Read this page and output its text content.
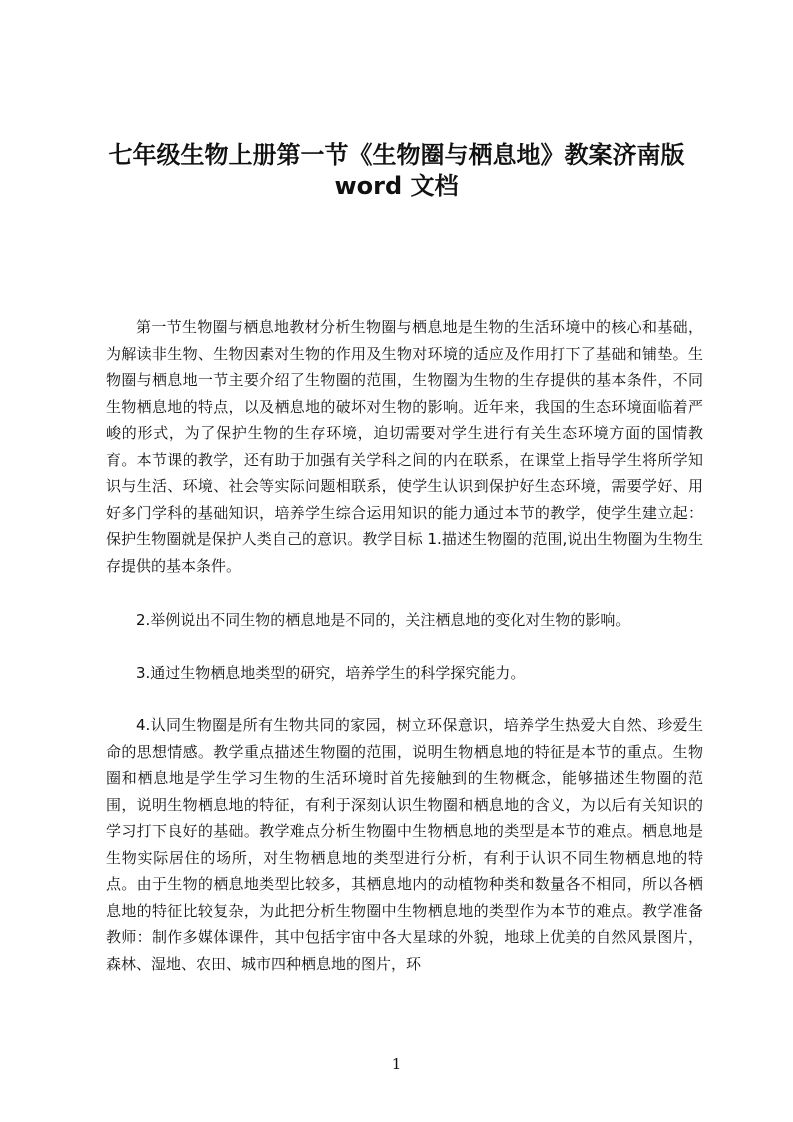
七年级生物上册第一节《生物圈与栖息地》教案济南版
word 文档

第一节生物圈与栖息地教材分析生物圈与栖息地是生物的生活环境中的核心和基础，为解读非生物、生物因素对生物的作用及生物对环境的适应及作用打下了基础和铺垫。生物圈与栖息地一节主要介绍了生物圈的范围，生物圈为生物的生存提供的基本条件，不同生物栖息地的特点，以及栖息地的破坏对生物的影响。近年来，我国的生态环境面临着严峻的形式，为了保护生物的生存环境，迫切需要对学生进行有关生态环境方面的国情教育。本节课的教学，还有助于加强有关学科之间的内在联系，在课堂上指导学生将所学知识与生活、环境、社会等实际问题相联系，使学生认识到保护好生态环境，需要学好、用好多门学科的基础知识，培养学生综合运用知识的能力通过本节的教学，使学生建立起：保护生物圈就是保护人类自己的意识。教学目标 1.描述生物圈的范围,说出生物圈为生物生存提供的基本条件。

2.举例说出不同生物的栖息地是不同的，关注栖息地的变化对生物的影响。

3.通过生物栖息地类型的研究，培养学生的科学探究能力。

4.认同生物圈是所有生物共同的家园，树立环保意识，培养学生热爱大自然、珍爱生命的思想情感。教学重点描述生物圈的范围，说明生物栖息地的特征是本节的重点。生物圈和栖息地是学生学习生物的生活环境时首先接触到的生物概念，能够描述生物圈的范围，说明生物栖息地的特征，有利于深刻认识生物圈和栖息地的含义，为以后有关知识的学习打下良好的基础。教学难点分析生物圈中生物栖息地的类型是本节的难点。栖息地是生物实际居住的场所，对生物栖息地的类型进行分析，有利于认识不同生物栖息地的特点。由于生物的栖息地类型比较多，其栖息地内的动植物种类和数量各不相同，所以各栖息地的特征比较复杂，为此把分析生物圈中生物栖息地的类型作为本节的难点。教学准备教师：制作多媒体课件，其中包括宇宙中各大星球的外貌，地球上优美的自然风景图片，森林、湿地、农田、城市四种栖息地的图片，环

1
